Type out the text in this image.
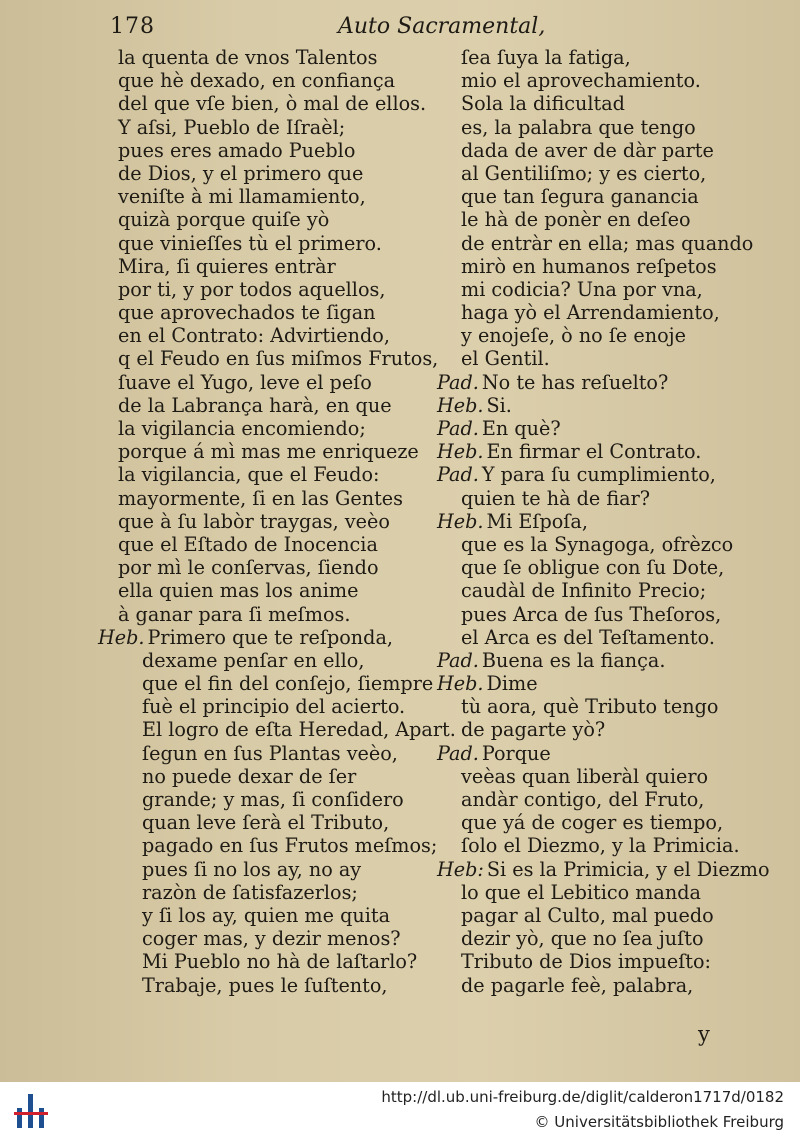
178	Auto Sacramental,
la quenta de vnos Talentos
que hè dexado, en confiança
del que vſe bien, ò mal de ellos.
Y aſsi, Pueblo de Iſraèl;
pues eres amado Pueblo
de Dios, y el primero que
veniſte à mi llamamiento,
quizà porque quiſe yò
que vinieſſes tù el primero.
Mira, ſi quieres entràr
por ti, y por todos aquellos,
que aprovechados te ſigan
en el Contrato: Advirtiendo,
q el Feudo en ſus miſmos Frutos,
ſuave el Yugo, leve el peſo
de la Labrança harà, en que
la vigilancia encomiendo;
porque á mì mas me enriqueze
la vigilancia, que el Feudo:
mayormente, ſi en las Gentes
que à ſu labòr traygas, veèo
que el Eſtado de Inocencia
por mì le conſervas, ſiendo
ella quien mas los anime
à ganar para ſi meſmos.
Heb. Primero que te reſponda,
dexame penſar en ello,
que el fin del conſejo, ſiempre
fuè el principio del acierto.
El logro de eſta Heredad, Apart.
ſegun en ſus Plantas veèo,
no puede dexar de ſer
grande; y mas, ſi conſidero
quan leve ſerà el Tributo,
pagado en ſus Frutos meſmos;
pues ſi no los ay, no ay
razòn de ſatisfazerlos;
y ſi los ay, quien me quita
coger mas, y dezir menos?
Mi Pueblo no hà de laſtarlo?
Trabaje, pues le ſuſtento,
ſea ſuya la fatiga,
mio el aprovechamiento.
Sola la dificultad
es, la palabra que tengo
dada de aver de dàr parte
al Gentiliſmo; y es cierto,
que tan ſegura ganancia
le hà de ponèr en deſeo
de entràr en ella; mas quando
mirò en humanos reſpetos
mi codicia? Una por vna,
haga yò el Arrendamiento,
y enojeſe, ò no ſe enoje
el Gentil.
Pad. No te has reſuelto?
Heb. Si.
Pad. En què?
Heb. En firmar el Contrato.
Pad. Y para ſu cumplimiento,
quien te hà de fiar?
Heb. Mi Eſpoſa,
que es la Synagoga, ofrèzco
que ſe obligue con ſu Dote,
caudàl de Infinito Precio;
pues Arca de ſus Theſoros,
el Arca es del Teſtamento.
Pad. Buena es la fiança.
Heb. Dime
tù aora, què Tributo tengo
de pagarte yò?
Pad. Porque
veèas quan liberàl quiero
andàr contigo, del Fruto,
que yá de coger es tiempo,
ſolo el Diezmo, y la Primicia.
Heb: Si es la Primicia, y el Diezmo
lo que el Lebitico manda
pagar al Culto, mal puedo
dezir yò, que no ſea juſto
Tributo de Dios impueſto:
de pagarle feè, palabra,
y
http://dl.ub.uni-freiburg.de/diglit/calderon1717d/0182
© Universitätsbibliothek Freiburg
